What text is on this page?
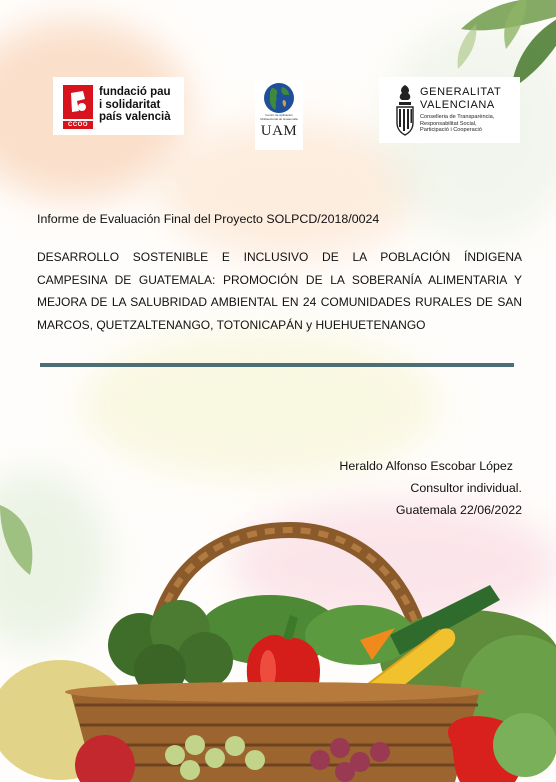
CCOO
fundació pau
i solidaritat
país valencià	Centro de Aplicación Multisectorial de Guatemala
UAM
GENERALITAT
VALENCIANA
Conselleria de Transparència,
Responsabilitat Social,
Participació i Cooperació
Informe de Evaluación Final del Proyecto SOLPCD/2018/0024
DESARROLLO SOSTENIBLE E INCLUSIVO DE LA POBLACIÓN ÍNDIGENA CAMPESINA DE GUATEMALA: PROMOCIÓN DE LA SOBERANÍA ALIMENTARIA Y MEJORA DE LA SALUBRIDAD AMBIENTAL EN 24 COMUNIDADES RURALES DE SAN MARCOS, QUETZALTENANGO, TOTONICAPÁN y HUEHUETENANGO
Heraldo Alfonso Escobar López
Consultor individual.
Guatemala 22/06/2022
